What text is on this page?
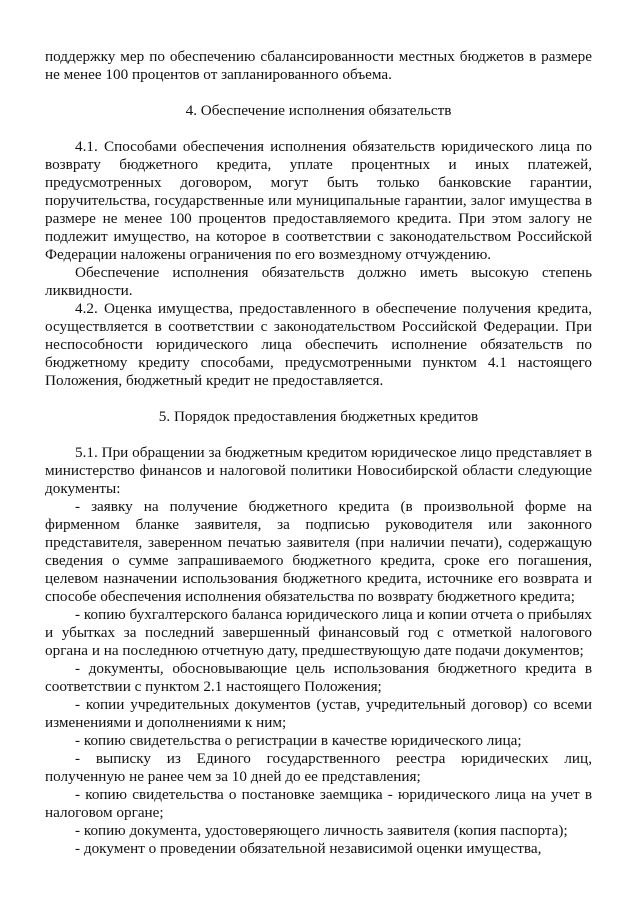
поддержку мер по обеспечению сбалансированности местных бюджетов в размере не менее 100 процентов от запланированного объема.

4. Обеспечение исполнения обязательств

4.1. Способами обеспечения исполнения обязательств юридического лица по возврату бюджетного кредита, уплате процентных и иных платежей, предусмотренных договором, могут быть только банковские гарантии, поручительства, государственные или муниципальные гарантии, залог имущества в размере не менее 100 процентов предоставляемого кредита. При этом залогу не подлежит имущество, на которое в соответствии с законодательством Российской Федерации наложены ограничения по его возмездному отчуждению.

Обеспечение исполнения обязательств должно иметь высокую степень ликвидности.

4.2. Оценка имущества, предоставленного в обеспечение получения кредита, осуществляется в соответствии с законодательством Российской Федерации. При неспособности юридического лица обеспечить исполнение обязательств по бюджетному кредиту способами, предусмотренными пунктом 4.1 настоящего Положения, бюджетный кредит не предоставляется.

5. Порядок предоставления бюджетных кредитов

5.1. При обращении за бюджетным кредитом юридическое лицо представляет в министерство финансов и налоговой политики Новосибирской области следующие документы:

- заявку на получение бюджетного кредита (в произвольной форме на фирменном бланке заявителя, за подписью руководителя или законного представителя, заверенном печатью заявителя (при наличии печати), содержащую сведения о сумме запрашиваемого бюджетного кредита, сроке его погашения, целевом назначении использования бюджетного кредита, источнике его возврата и способе обеспечения исполнения обязательства по возврату бюджетного кредита;

- копию бухгалтерского баланса юридического лица и копии отчета о прибылях и убытках за последний завершенный финансовый год с отметкой налогового органа и на последнюю отчетную дату, предшествующую дате подачи документов;

- документы, обосновывающие цель использования бюджетного кредита в соответствии с пунктом 2.1 настоящего Положения;

- копии учредительных документов (устав, учредительный договор) со всеми изменениями и дополнениями к ним;

- копию свидетельства о регистрации в качестве юридического лица;

- выписку из Единого государственного реестра юридических лиц, полученную не ранее чем за 10 дней до ее представления;

- копию свидетельства о постановке заемщика - юридического лица на учет в налоговом органе;

- копию документа, удостоверяющего личность заявителя (копия паспорта);

- документ о проведении обязательной независимой оценки имущества,
